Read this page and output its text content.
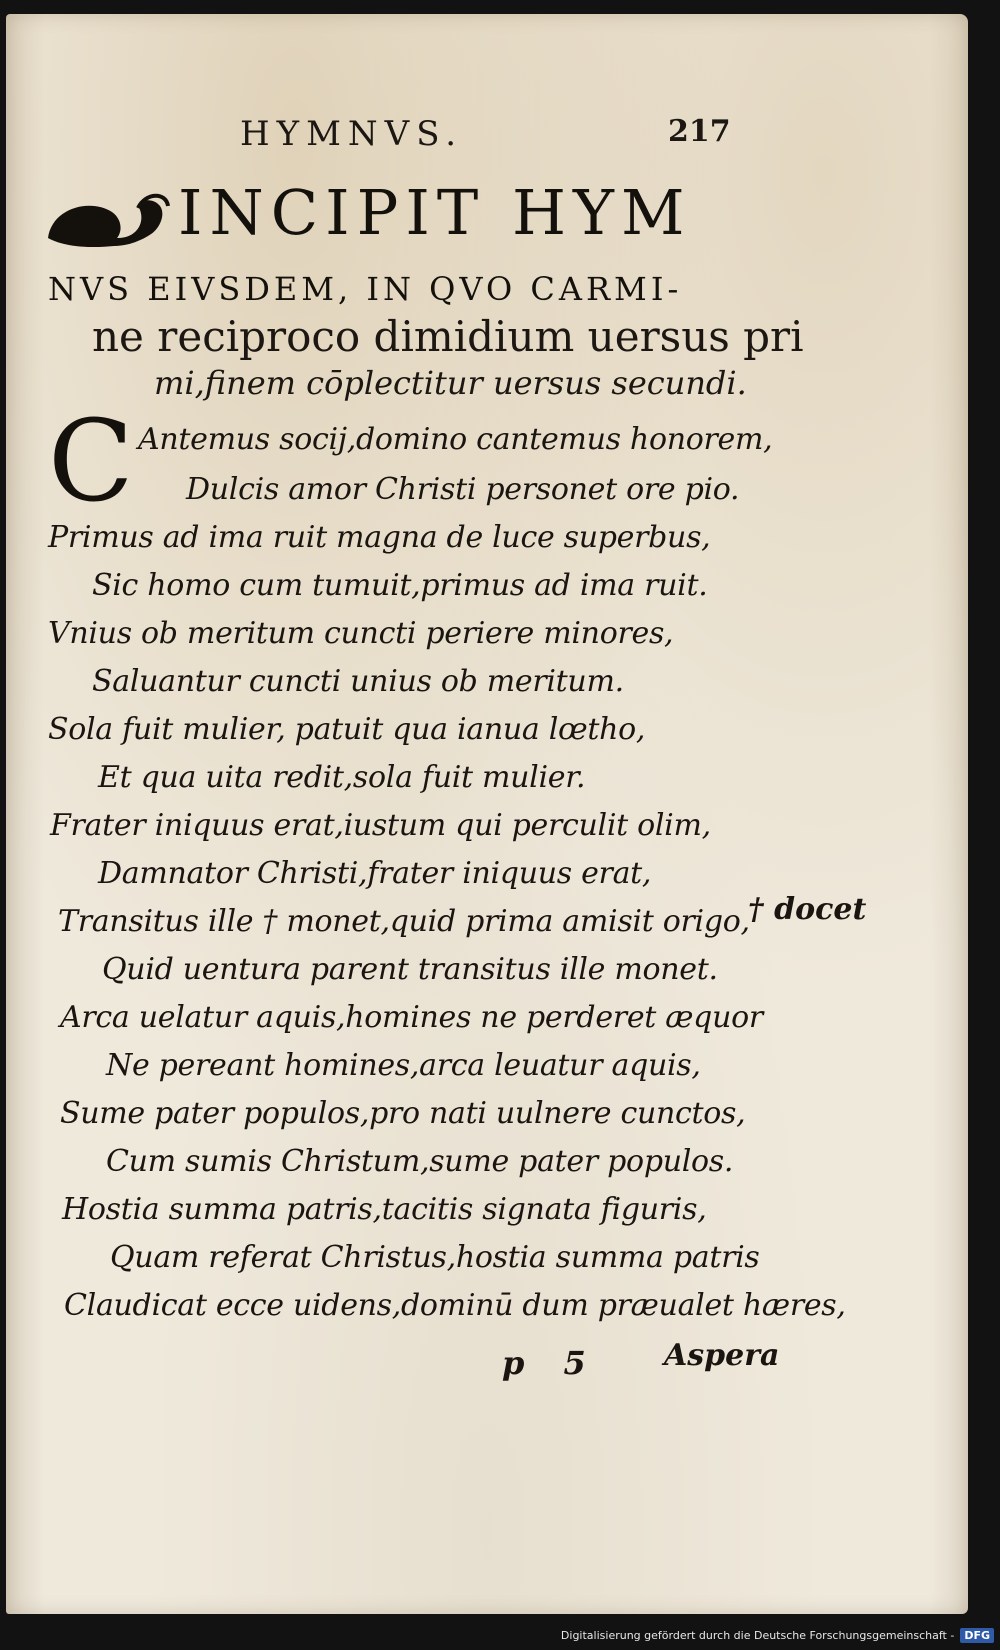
HYMNVS.	217
INCIPIT HYM
NVS EIVSDEM, IN QVO CARMI-
ne reciproco dimidium uersus pri
mi,finem cōplectitur uersus secundi.
C Antemus socij,domino cantemus honorem,
Dulcis amor Christi personet ore pio.
Primus ad ima ruit magna de luce superbus,
Sic homo cum tumuit,primus ad ima ruit.
Vnius ob meritum cuncti periere minores,
Saluantur cuncti unius ob meritum.
Sola fuit mulier, patuit qua ianua lœtho,
Et qua uita redit,sola fuit mulier.
Frater iniquus erat,iustum qui perculit olim,
Damnator Christi,frater iniquus erat,
Transitus ille † monet,quid prima amisit origo,
Quid uentura parent transitus ille monet.
Arca uelatur aquis,homines ne perderet æquor
Ne pereant homines,arca leuatur aquis,
Sume pater populos,pro nati uulnere cunctos,
Cum sumis Christum,sume pater populos.
Hostia summa patris,tacitis signata figuris,
Quam referat Christus,hostia summa patris
Claudicat ecce uidens,dominū dum præualet hæres,
† docet
p 5	Aspera
Digitalisierung gefördert durch die Deutsche Forschungsgemeinschaft - DFG
